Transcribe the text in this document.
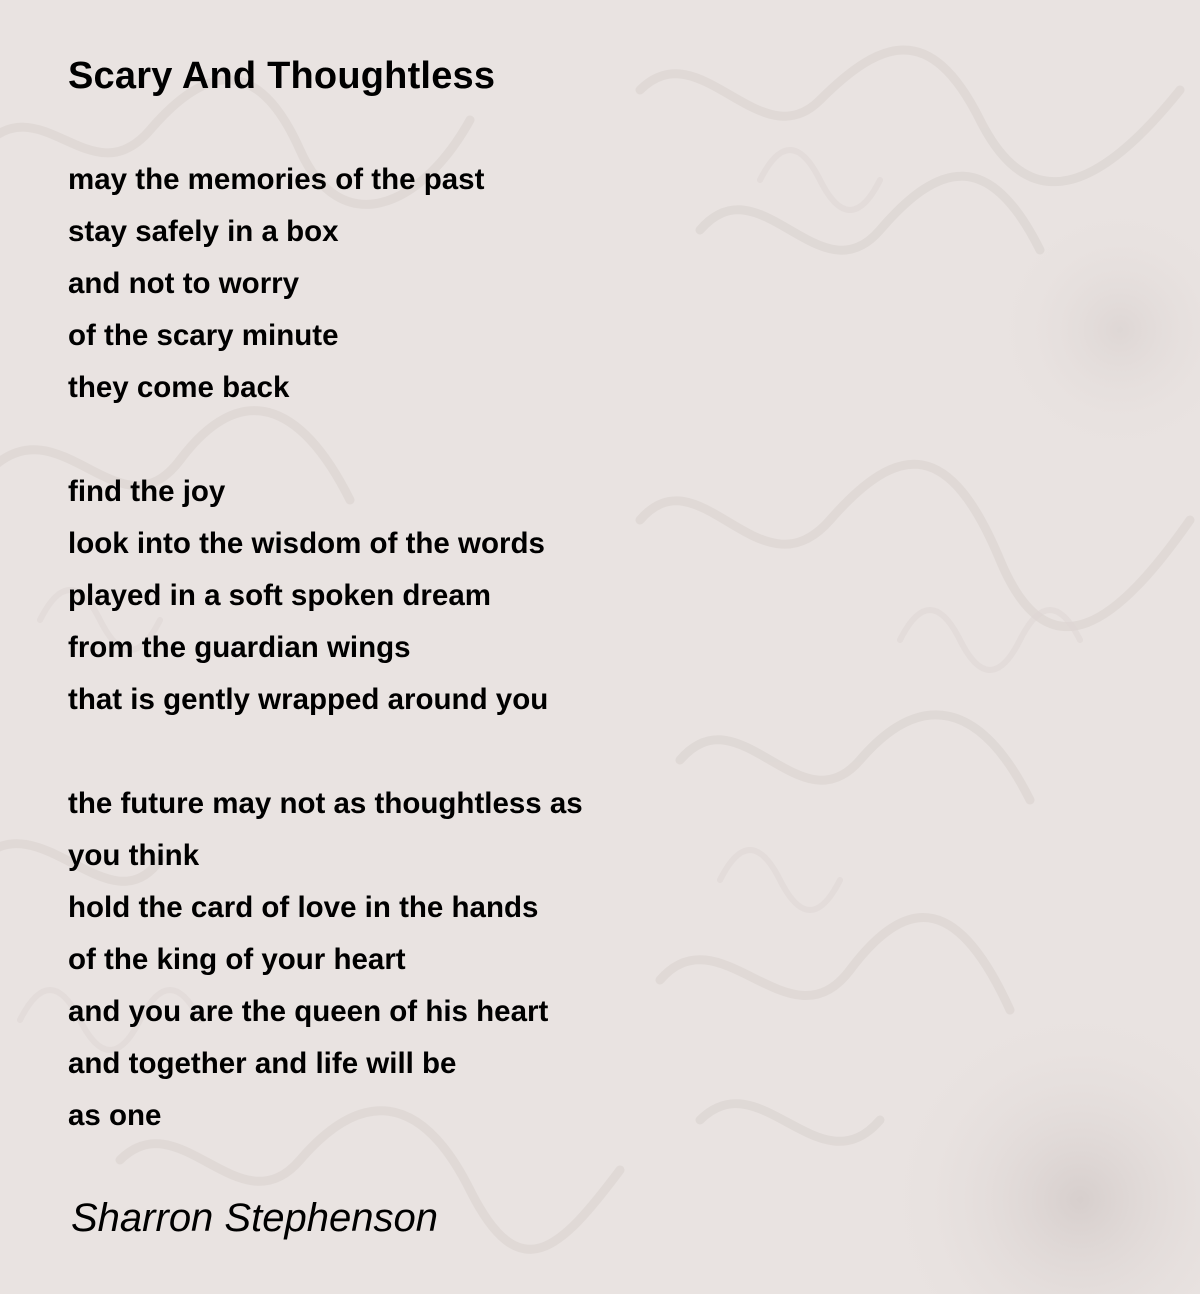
Scary And Thoughtless
may the memories of the past
stay safely in a box
and not to worry
of the scary minute
they come back
find the joy
look into the wisdom of the words
played in a soft spoken dream
from the guardian wings
that is gently wrapped around you
the future may not as thoughtless as
you think
hold the card of love in the hands
of the king of your heart
and you are the queen of his heart
and together and life will be
as one
Sharron Stephenson
